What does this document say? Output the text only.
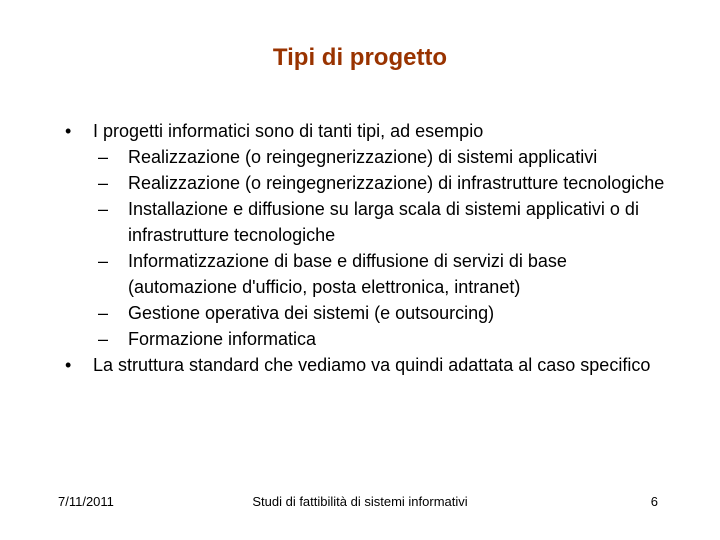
Tipi di progetto
•	I progetti informatici sono di tanti tipi, ad esempio
–	Realizzazione (o reingegnerizzazione) di sistemi applicativi
–	Realizzazione (o reingegnerizzazione) di infrastrutture tecnologiche
–	Installazione e diffusione su larga scala di sistemi applicativi o di infrastrutture tecnologiche
–	Informatizzazione di base e diffusione di servizi di base (automazione d'ufficio, posta elettronica, intranet)
–	Gestione operativa dei sistemi (e outsourcing)
–	Formazione informatica
•	La struttura standard che vediamo va quindi adattata al caso specifico
7/11/2011	Studi di fattibilità di sistemi informativi	6
